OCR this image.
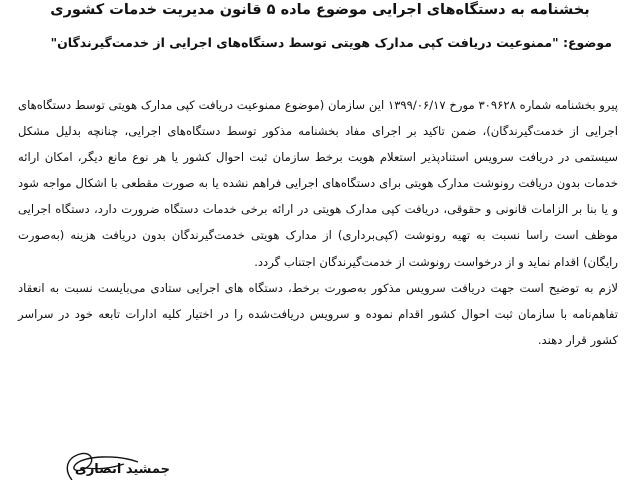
بخشنامه به دستگاه‌های اجرایی موضوع ماده ۵ قانون مدیریت خدمات کشوری
موضوع: "ممنوعیت دریافت کپی مدارک هویتی توسط دستگاه‌های اجرایی از خدمت‌گیرندگان"

پیرو بخشنامه شماره ۳۰۹۶۲۸ مورخ ۱۳۹۹/۰۶/۱۷ این سازمان (موضوع ممنوعیت دریافت کپی مدارک هویتی توسط دستگاه‌های اجرایی از خدمت‌گیرندگان)، ضمن تاکید بر اجرای مفاد بخشنامه مذکور توسط دستگاه‌های اجرایی، چنانچه بدلیل مشکل سیستمی در دریافت سرویس استنادپذیر استعلام هویت برخط سازمان ثبت احوال کشور یا هر نوع مانع دیگر، امکان ارائه خدمات بدون دریافت رونوشت مدارک هویتی برای دستگاه‌های اجرایی فراهم نشده یا به صورت مقطعی با اشکال مواجه شود و یا بنا بر الزامات قانونی و حقوقی، دریافت کپی مدارک هویتی در ارائه برخی خدمات دستگاه ضرورت دارد، دستگاه اجرایی موظف است راسا نسبت به تهیه رونوشت (کپی‌برداری) از مدارک هویتی خدمت‌گیرندگان بدون دریافت هزینه (به‌صورت رایگان) اقدام نماید و از درخواست رونوشت از خدمت‌گیرندگان اجتناب گردد.

لازم به توضیح است جهت دریافت سرویس مذکور به‌صورت برخط، دستگاه های اجرایی ستادی می‌بایست نسبت به انعقاد تفاهم‌نامه با سازمان ثبت احوال کشور اقدام نموده و سرویس دریافت‌شده را در اختیار کلیه ادارات تابعه خود در سراسر کشور قرار دهند.

جمشید انصاری
